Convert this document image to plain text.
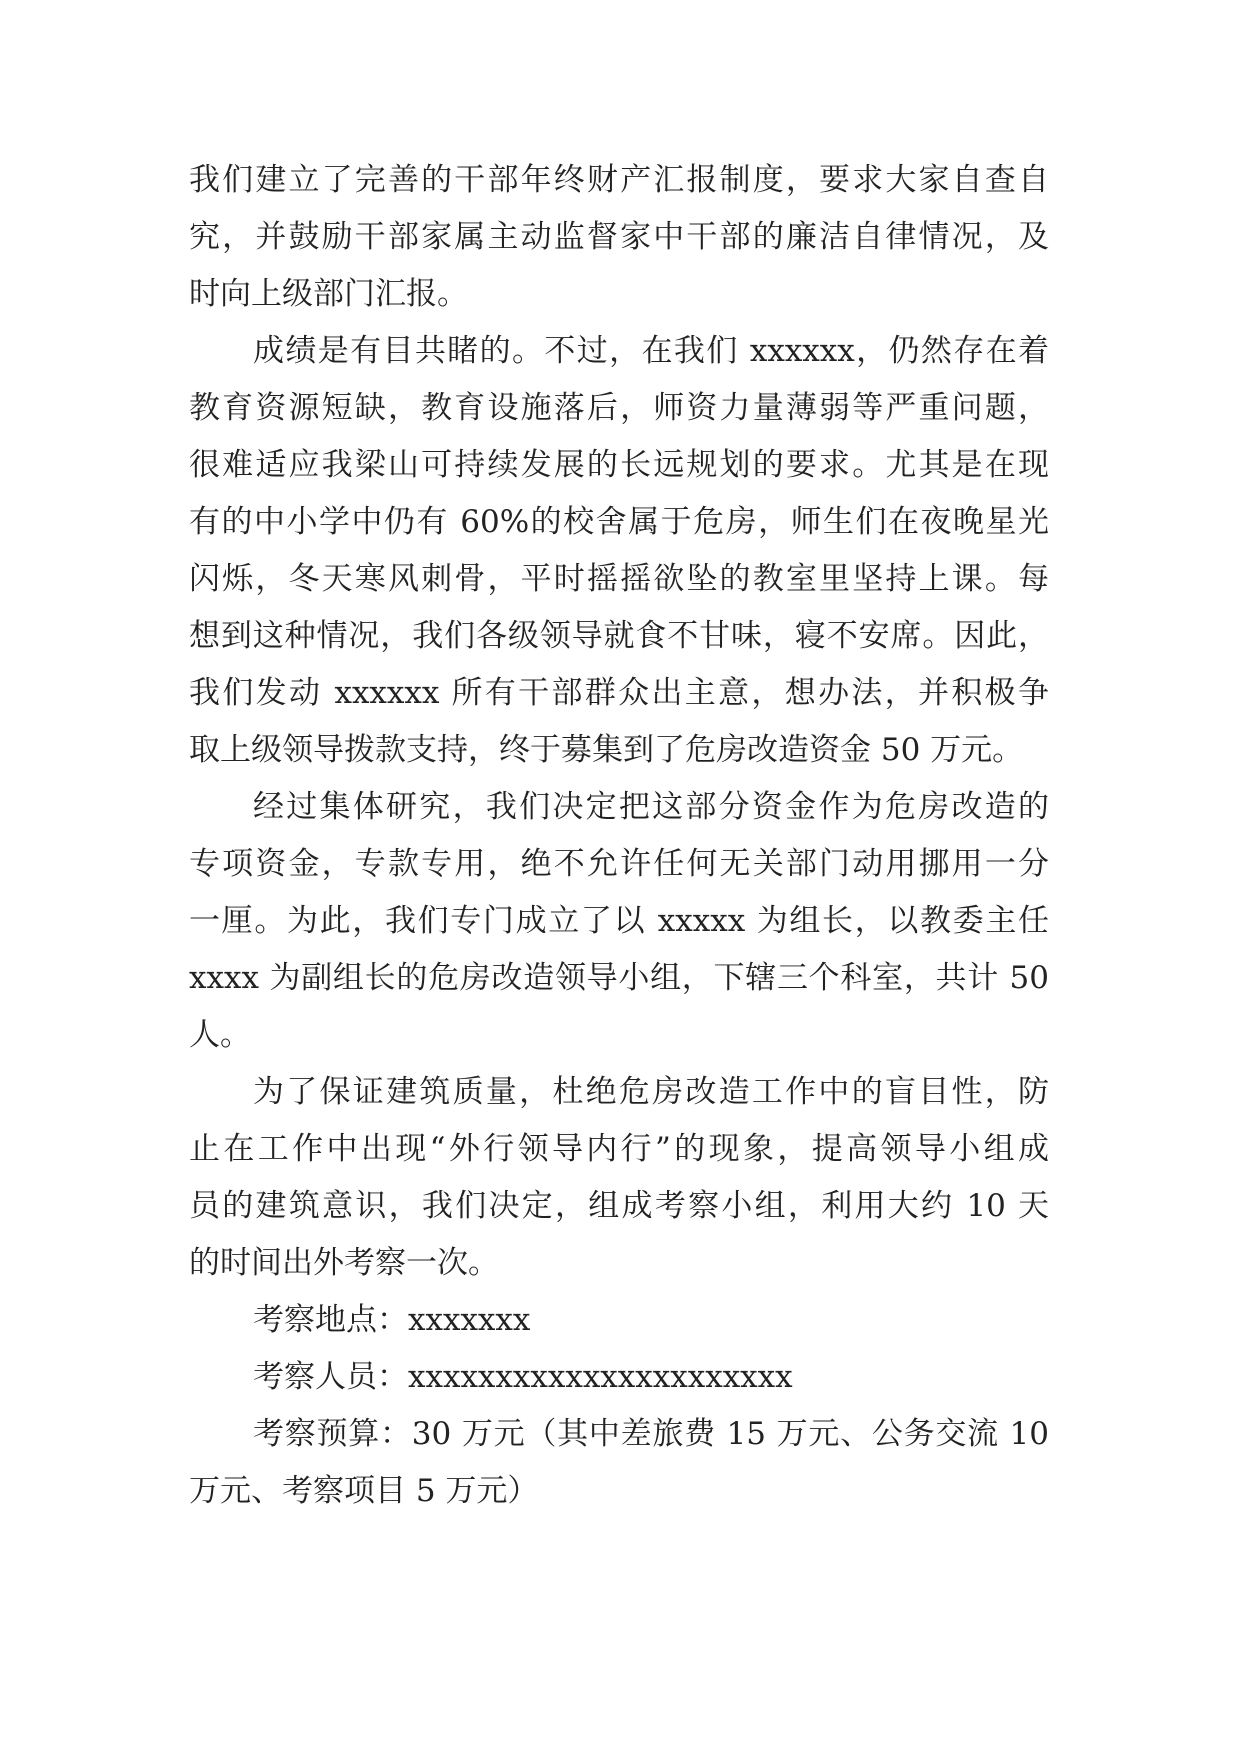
我们建立了完善的干部年终财产汇报制度，要求大家自查自
究，并鼓励干部家属主动监督家中干部的廉洁自律情况，及
时向上级部门汇报。
成绩是有目共睹的。不过，在我们 xxxxxx，仍然存在着
教育资源短缺，教育设施落后，师资力量薄弱等严重问题，
很难适应我梁山可持续发展的长远规划的要求。尤其是在现
有的中小学中仍有 60%的校舍属于危房，师生们在夜晚星光
闪烁，冬天寒风刺骨，平时摇摇欲坠的教室里坚持上课。每
想到这种情况，我们各级领导就食不甘味，寝不安席。因此，
我们发动 xxxxxx 所有干部群众出主意，想办法，并积极争
取上级领导拨款支持，终于募集到了危房改造资金 50 万元。
经过集体研究，我们决定把这部分资金作为危房改造的
专项资金，专款专用，绝不允许任何无关部门动用挪用一分
一厘。为此，我们专门成立了以 xxxxx 为组长，以教委主任
xxxx 为副组长的危房改造领导小组，下辖三个科室，共计 50
人。
为了保证建筑质量，杜绝危房改造工作中的盲目性，防
止在工作中出现“外行领导内行”的现象，提高领导小组成
员的建筑意识，我们决定，组成考察小组，利用大约 10 天
的时间出外考察一次。
考察地点：xxxxxxx
考察人员：xxxxxxxxxxxxxxxxxxxxxx
考察预算：30 万元（其中差旅费 15 万元、公务交流 10
万元、考察项目 5 万元）
